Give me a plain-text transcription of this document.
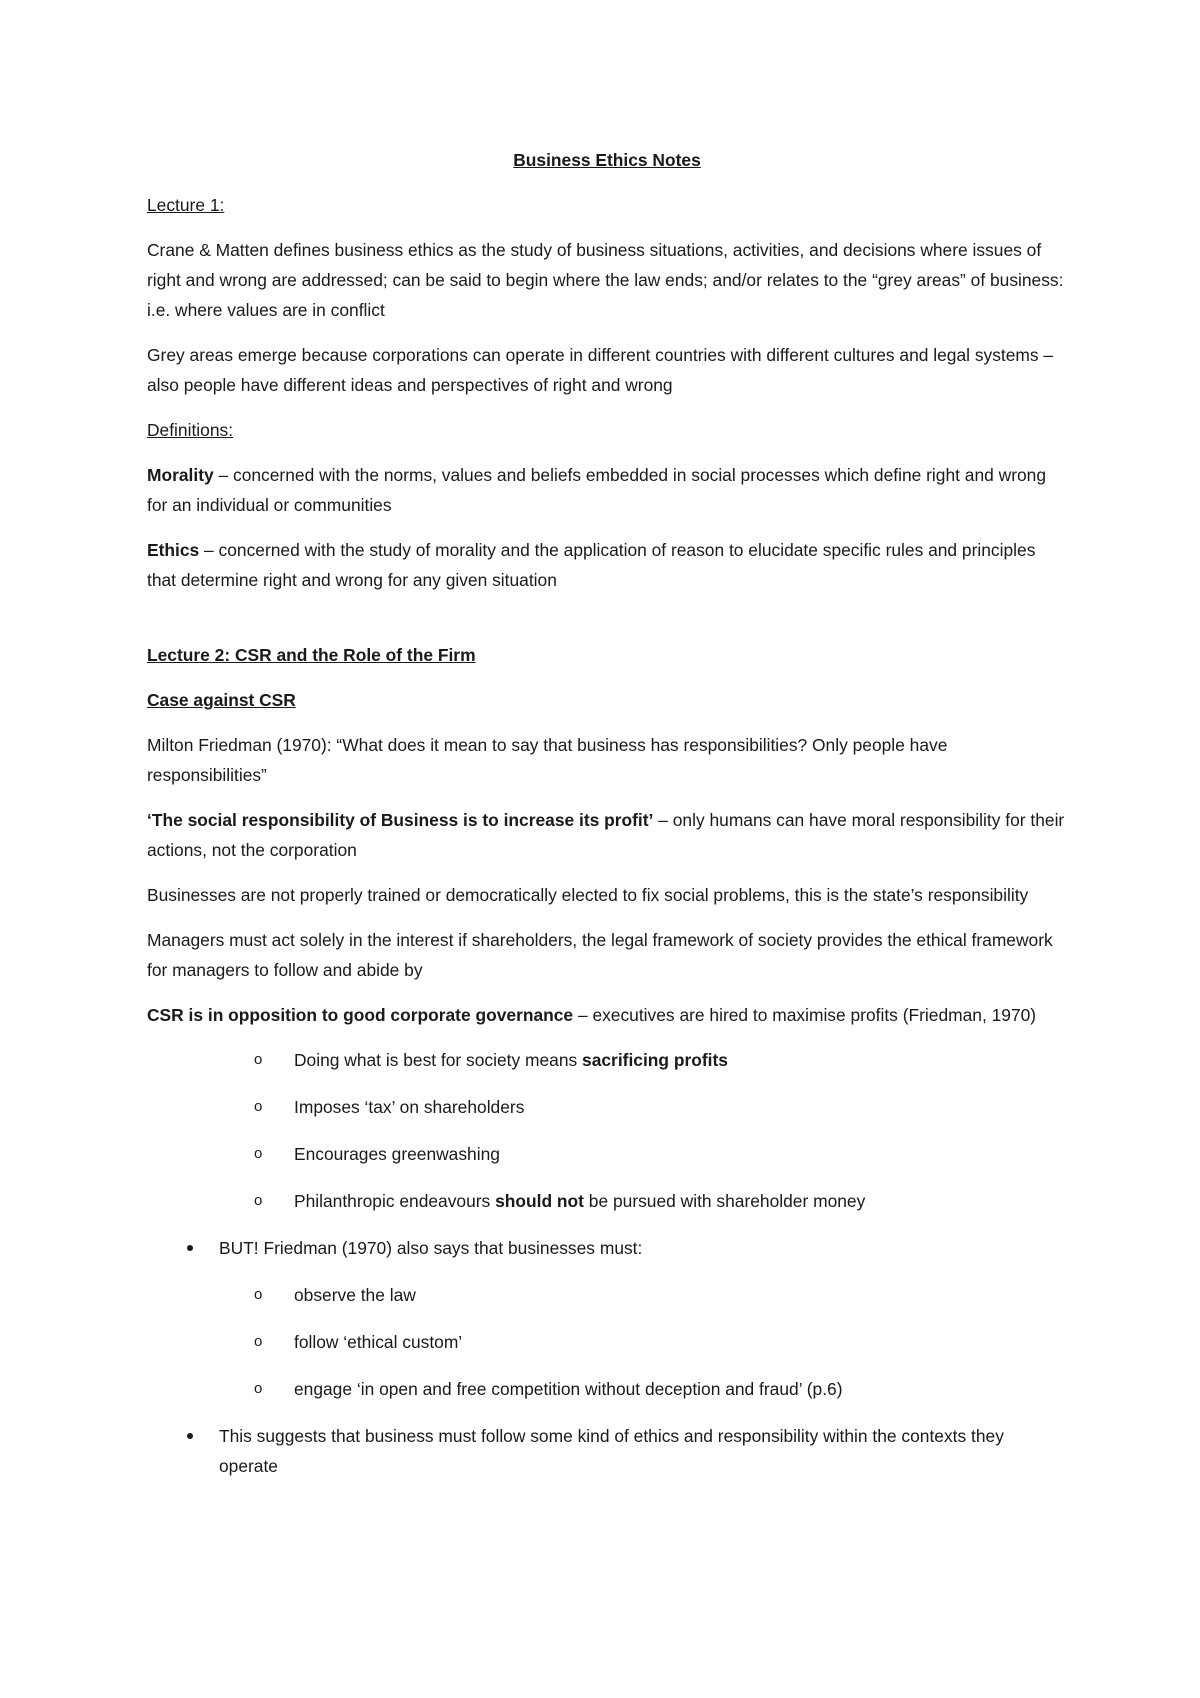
Business Ethics Notes
Lecture 1:

Crane & Matten defines business ethics as the study of business situations, activities, and decisions where issues of right and wrong are addressed; can be said to begin where the law ends; and/or relates to the “grey areas” of business: i.e. where values are in conflict

Grey areas emerge because corporations can operate in different countries with different cultures and legal systems – also people have different ideas and perspectives of right and wrong

Definitions:

Morality – concerned with the norms, values and beliefs embedded in social processes which define right and wrong for an individual or communities

Ethics – concerned with the study of morality and the application of reason to elucidate specific rules and principles that determine right and wrong for any given situation

Lecture 2: CSR and the Role of the Firm
Case against CSR

Milton Friedman (1970): “What does it mean to say that business has responsibilities? Only people have responsibilities”

‘The social responsibility of Business is to increase its profit’ – only humans can have moral responsibility for their actions, not the corporation

Businesses are not properly trained or democratically elected to fix social problems, this is the state’s responsibility

Managers must act solely in the interest if shareholders, the legal framework of society provides the ethical framework for managers to follow and abide by

CSR is in opposition to good corporate governance – executives are hired to maximise profits (Friedman, 1970)

o Doing what is best for society means sacrificing profits
o Imposes ‘tax’ on shareholders
o Encourages greenwashing
o Philanthropic endeavours should not be pursued with shareholder money
BUT! Friedman (1970) also says that businesses must:
o observe the law
o follow ‘ethical custom’
o engage ‘in open and free competition without deception and fraud’ (p.6)
This suggests that business must follow some kind of ethics and responsibility within the contexts they operate
